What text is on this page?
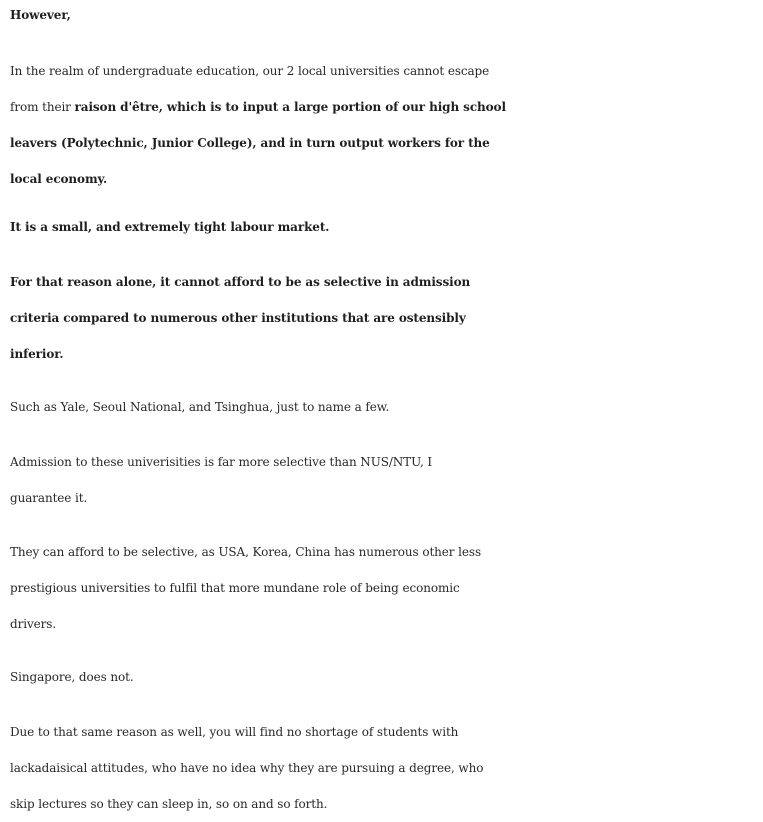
However,
In the realm of undergraduate education, our 2 local universities cannot escape
from their raison d'être, which is to input a large portion of our high school
leavers (Polytechnic, Junior College), and in turn output workers for the
local economy.
It is a small, and extremely tight labour market.
For that reason alone, it cannot afford to be as selective in admission
criteria compared to numerous other institutions that are ostensibly
inferior.
Such as Yale, Seoul National, and Tsinghua, just to name a few.
Admission to these univerisities is far more selective than NUS/NTU, I
guarantee it.
They can afford to be selective, as USA, Korea, China has numerous other less
prestigious universities to fulfil that more mundane role of being economic
drivers.
Singapore, does not.
Due to that same reason as well, you will find no shortage of students with
lackadaisical attitudes, who have no idea why they are pursuing a degree, who
skip lectures so they can sleep in, so on and so forth.
